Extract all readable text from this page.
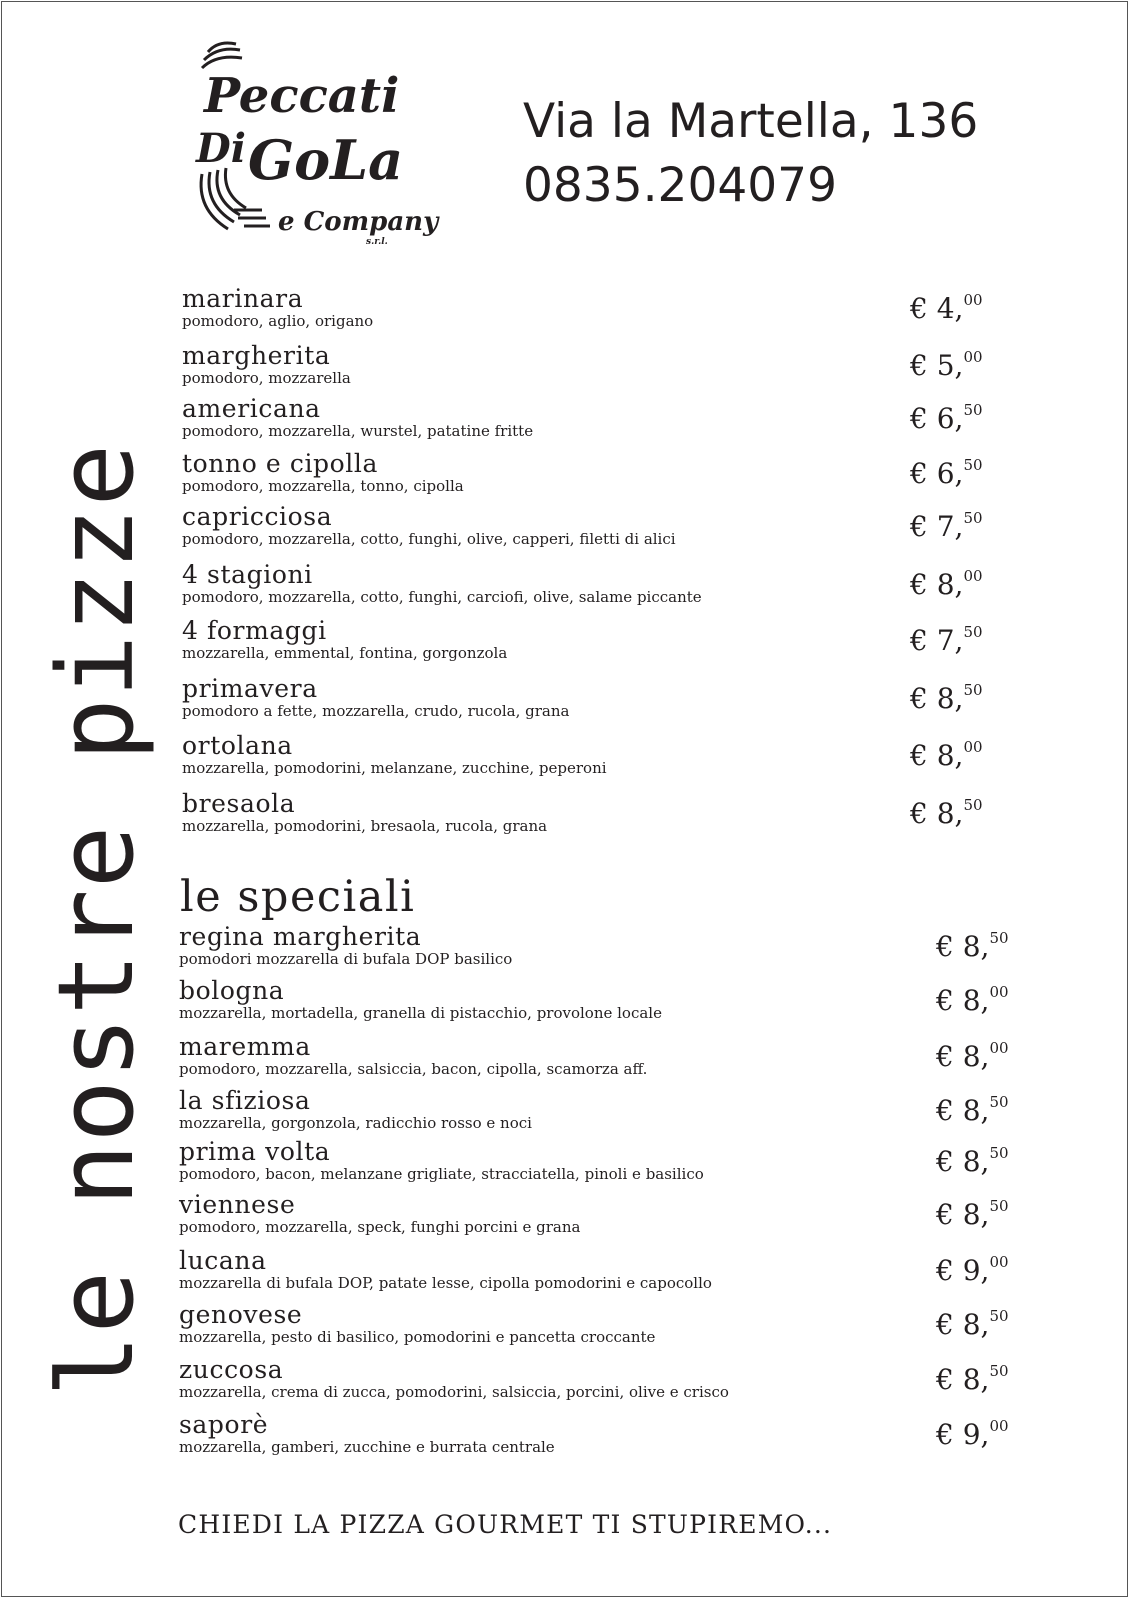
Peccati
Di GoLa
e Company
s.r.l.
Via la Martella, 136
0835.204079
le nostre pizze
marinara
pomodoro, aglio, origano	€ 4,00
margherita
pomodoro, mozzarella	€ 5,00
americana
pomodoro, mozzarella, wurstel, patatine fritte	€ 6,50
tonno e cipolla
pomodoro, mozzarella, tonno, cipolla	€ 6,50
capricciosa
pomodoro, mozzarella, cotto, funghi, olive, capperi, filetti di alici	€ 7,50
4 stagioni
pomodoro, mozzarella, cotto, funghi, carciofi, olive, salame piccante	€ 8,00
4 formaggi
mozzarella, emmental, fontina, gorgonzola	€ 7,50
primavera
pomodoro a fette, mozzarella, crudo, rucola, grana	€ 8,50
ortolana
mozzarella, pomodorini, melanzane, zucchine, peperoni	€ 8,00
bresaola
mozzarella, pomodorini, bresaola, rucola, grana	€ 8,50
le speciali
regina margherita
pomodori mozzarella di bufala DOP basilico	€ 8,50
bologna
mozzarella, mortadella, granella di pistacchio, provolone locale	€ 8,00
maremma
pomodoro, mozzarella, salsiccia, bacon, cipolla, scamorza aff.	€ 8,00
la sfiziosa
mozzarella, gorgonzola, radicchio rosso e noci	€ 8,50
prima volta
pomodoro, bacon, melanzane grigliate, stracciatella, pinoli e basilico	€ 8,50
viennese
pomodoro, mozzarella, speck, funghi porcini e grana	€ 8,50
lucana
mozzarella di bufala DOP, patate lesse, cipolla pomodorini e capocollo	€ 9,00
genovese
mozzarella, pesto di basilico, pomodorini e pancetta croccante	€ 8,50
zuccosa
mozzarella, crema di zucca, pomodorini, salsiccia, porcini, olive e crisco	€ 8,50
saporè
mozzarella, gamberi, zucchine e burrata centrale	€ 9,00
CHIEDI LA PIZZA GOURMET TI STUPIREMO...
